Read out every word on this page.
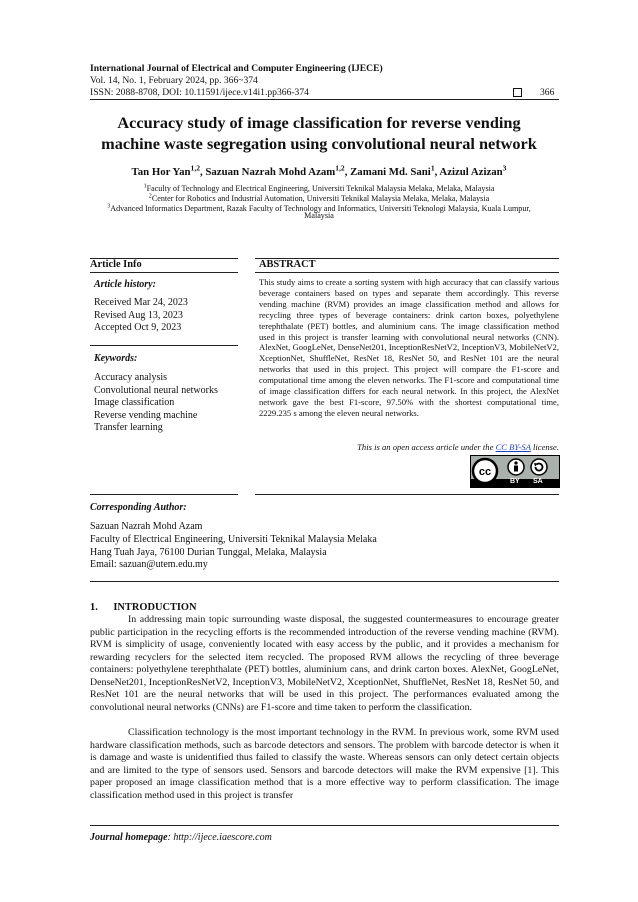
International Journal of Electrical and Computer Engineering (IJECE)
Vol. 14, No. 1, February 2024, pp. 366~374
ISSN: 2088-8708, DOI: 10.11591/ijece.v14i1.pp366-374	366
Accuracy study of image classification for reverse vending
machine waste segregation using convolutional neural network
Tan Hor Yan$^{1,2}$, Sazuan Nazrah Mohd Azam$^{1,2}$, Zamani Md. Sani$^1$, Azizul Azizan$^3$
$^1$Faculty of Technology and Electrical Engineering, Universiti Teknikal Malaysia Melaka, Melaka, Malaysia
$^2$Center for Robotics and Industrial Automation, Universiti Teknikal Malaysia Melaka, Melaka, Malaysia
$^3$Advanced Informatics Department, Razak Faculty of Technology and Informatics, Universiti Teknologi Malaysia, Kuala Lumpur,
Malaysia
Article Info
Article history:
Received Mar 24, 2023
Revised Aug 13, 2023
Accepted Oct 9, 2023
Keywords:
Accuracy analysis
Convolutional neural networks
Image classification
Reverse vending machine
Transfer learning
ABSTRACT
This study aims to create a sorting system with high accuracy that can classify various beverage containers based on types and separate them accordingly. This reverse vending machine (RVM) provides an image classification method and allows for recycling three types of beverage containers: drink carton boxes, polyethylene terephthalate (PET) bottles, and aluminium cans. The image classification method used in this project is transfer learning with convolutional neural networks (CNN). AlexNet, GoogLeNet, DenseNet201, InceptionResNetV2, InceptionV3, MobileNetV2, XceptionNet, ShuffleNet, ResNet 18, ResNet 50, and ResNet 101 are the neural networks that used in this project. This project will compare the F1-score and computational time among the eleven networks. The F1-score and computational time of image classification differs for each neural network. In this project, the AlexNet network gave the best F1-score, 97.50% with the shortest computational time, 2229.235 s among the eleven neural networks.
This is an open access article under the CC BY-SA license.
cc
BY SA
Corresponding Author:
Sazuan Nazrah Mohd Azam
Faculty of Electrical Engineering, Universiti Teknikal Malaysia Melaka
Hang Tuah Jaya, 76100 Durian Tunggal, Melaka, Malaysia
Email: sazuan@utem.edu.my
1.      INTRODUCTION
In addressing main topic surrounding waste disposal, the suggested countermeasures to encourage greater public participation in the recycling efforts is the recommended introduction of the reverse vending machine (RVM). RVM is simplicity of usage, conveniently located with easy access by the public, and it provides a mechanism for rewarding recyclers for the selected item recycled. The proposed RVM allows the recycling of three beverage containers: polyethylene terephthalate (PET) bottles, aluminium cans, and drink carton boxes. AlexNet, GoogLeNet, DenseNet201, InceptionResNetV2, InceptionV3, MobileNetV2, XceptionNet, ShuffleNet, ResNet 18, ResNet 50, and ResNet 101 are the neural networks that will be used in this project. The performances evaluated among the convolutional neural networks (CNNs) are F1-score and time taken to perform the classification.
Classification technology is the most important technology in the RVM. In previous work, some RVM used hardware classification methods, such as barcode detectors and sensors. The problem with barcode detector is when it is damage and waste is unidentified thus failed to classify the waste. Whereas sensors can only detect certain objects and are limited to the type of sensors used. Sensors and barcode detectors will make the RVM expensive [1]. This paper proposed an image classification method that is a more effective way to perform classification. The image classification method used in this project is transfer
Journal homepage: http://ijece.iaescore.com
